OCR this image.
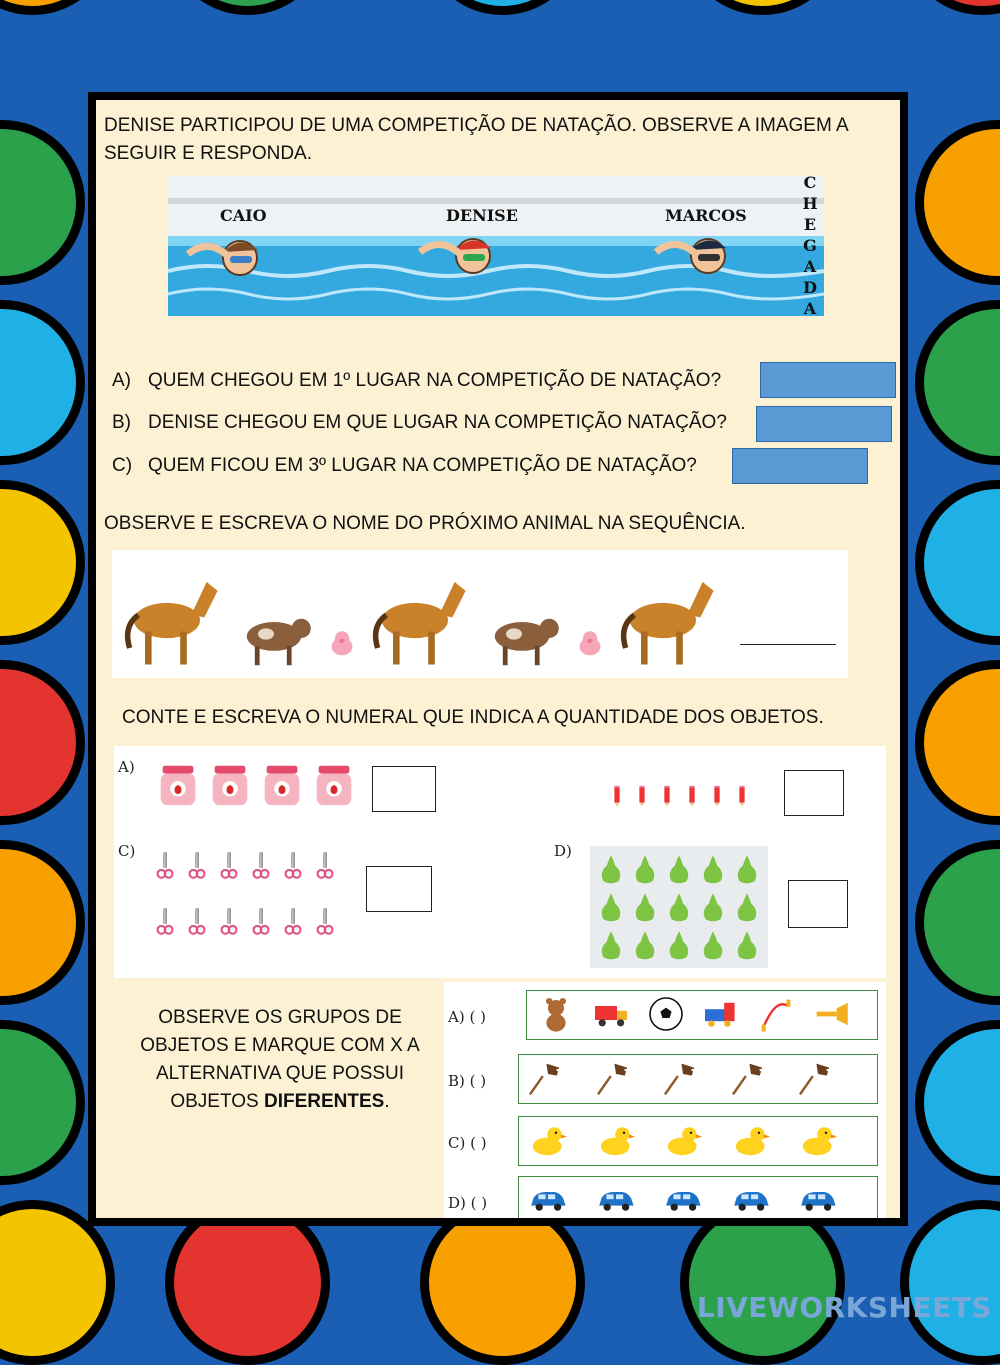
DENISE PARTICIPOU DE UMA COMPETIÇÃO DE NATAÇÃO. OBSERVE A IMAGEM A SEGUIR E RESPONDA.
CAIO	DENISE	MARCOS
C
H
E
G
A
D
A
A) QUEM CHEGOU EM 1º LUGAR NA COMPETIÇÃO DE NATAÇÃO?
B) DENISE CHEGOU EM QUE LUGAR NA COMPETIÇÃO NATAÇÃO?
C) QUEM FICOU EM 3º LUGAR NA COMPETIÇÃO DE NATAÇÃO?
OBSERVE E ESCREVA O NOME DO PRÓXIMO ANIMAL NA SEQUÊNCIA.
CONTE E ESCREVA O NUMERAL QUE INDICA A QUANTIDADE DOS OBJETOS.
A)
C)	D)
OBSERVE OS GRUPOS DE OBJETOS E MARQUE COM X A ALTERNATIVA QUE POSSUI OBJETOS DIFERENTES.
A) ( )
B) ( )
C) ( )
D) ( )
LIVEWORKSHEETS
